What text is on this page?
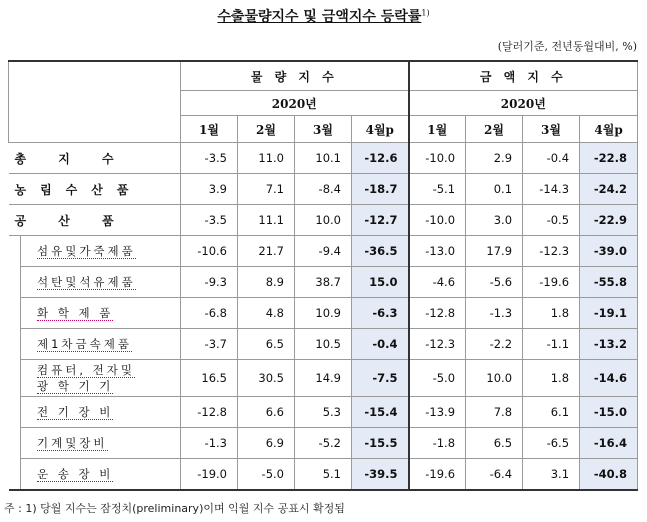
수출물량지수 및 금액지수 등락률$^{1)}$
(달러기준, 전년동월대비, %)
		물 량 지 수				금 액 지 수			
		2020년				2020년			
		1월	2월	3월	4월p	1월	2월	3월	4월p
총 지 수		-3.5	11.0	10.1	-12.6	-10.0	2.9	-0.4	-22.8
농림수산품		3.9	7.1	-8.4	-18.7	-5.1	0.1	-14.3	-24.2
공 산 품		-3.5	11.1	10.0	-12.7	-10.0	3.0	-0.5	-22.9
	섬유및가죽제품	-10.6	21.7	-9.4	-36.5	-13.0	17.9	-12.3	-39.0
	석탄및석유제품	-9.3	8.9	38.7	15.0	-4.6	-5.6	-19.6	-55.8
	화 학 제 품	-6.8	4.8	10.9	-6.3	-12.8	-1.3	1.8	-19.1
	제1차금속제품	-3.7	6.5	10.5	-0.4	-12.3	-2.2	-1.1	-13.2
	컴퓨터, 전자및
광 학 기 기	16.5	30.5	14.9	-7.5	-5.0	10.0	1.8	-14.6
	전 기 장 비	-12.8	6.6	5.3	-15.4	-13.9	7.8	6.1	-15.0
	기계및장비	-1.3	6.9	-5.2	-15.5	-1.8	6.5	-6.5	-16.4
	운 송 장 비	-19.0	-5.0	5.1	-39.5	-19.6	-6.4	3.1	-40.8
주 : 1) 당월 지수는 잠정치(preliminary)이며 익월 지수 공표시 확정됨
